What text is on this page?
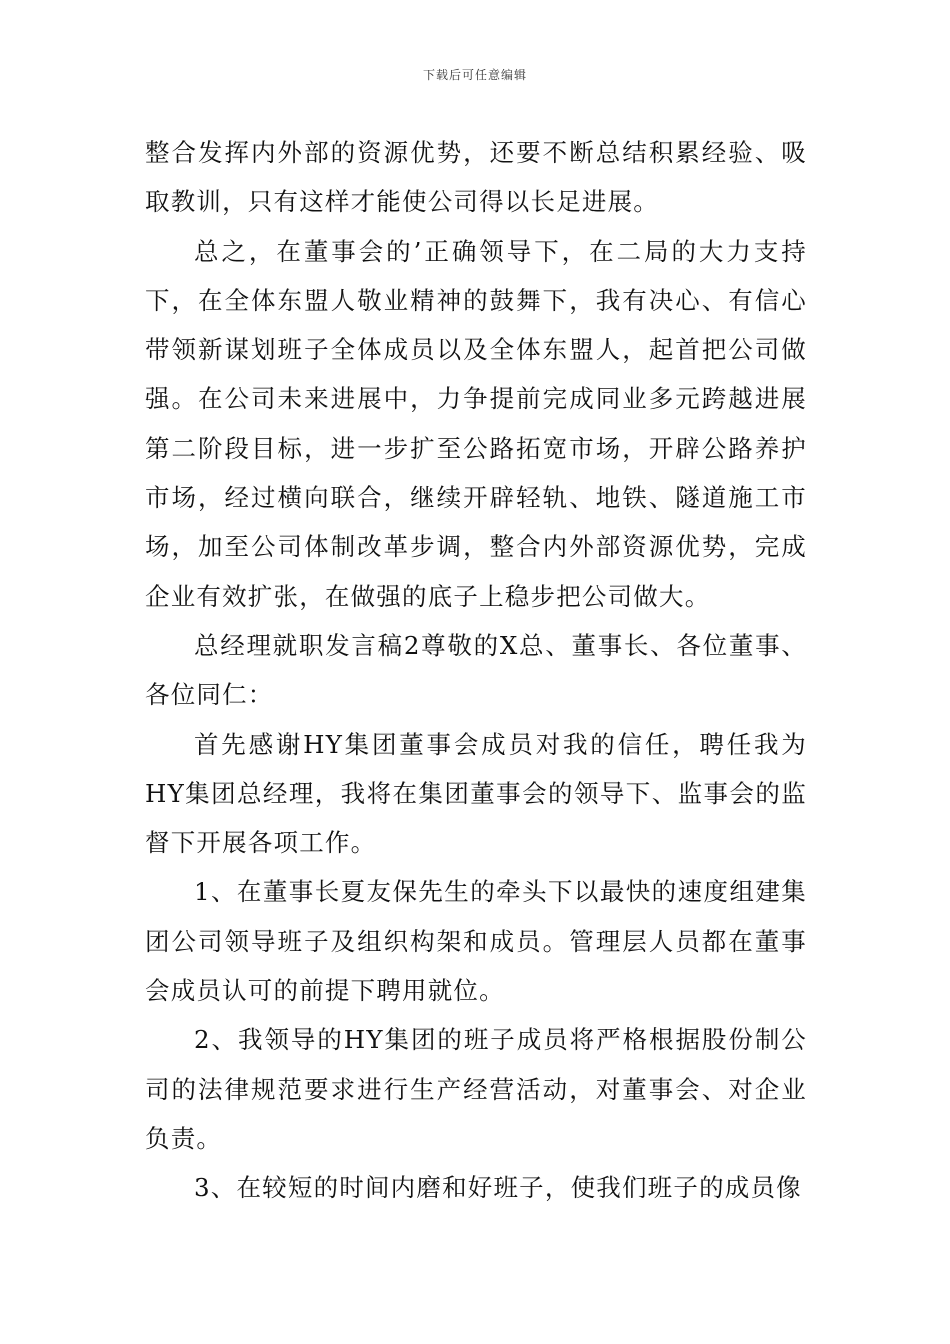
下载后可任意编辑

整合发挥内外部的资源优势，还要不断总结积累经验、吸取教训，只有这样才能使公司得以长足进展。

总之，在董事会的’正确领导下，在二局的大力支持下，在全体东盟人敬业精神的鼓舞下，我有决心、有信心带领新谋划班子全体成员以及全体东盟人，起首把公司做强。在公司未来进展中，力争提前完成同业多元跨越进展第二阶段目标，进一步扩至公路拓宽市场，开辟公路养护市场，经过横向联合，继续开辟轻轨、地铁、隧道施工市场，加至公司体制改革步调，整合内外部资源优势，完成企业有效扩张，在做强的底子上稳步把公司做大。

总经理就职发言稿2尊敬的X总、董事长、各位董事、各位同仁：

首先感谢HY集团董事会成员对我的信任，聘任我为HY集团总经理，我将在集团董事会的领导下、监事会的监督下开展各项工作。

1、在董事长夏友保先生的牵头下以最快的速度组建集团公司领导班子及组织构架和成员。管理层人员都在董事会成员认可的前提下聘用就位。

2、我领导的HY集团的班子成员将严格根据股份制公司的法律规范要求进行生产经营活动，对董事会、对企业负责。

3、在较短的时间内磨和好班子，使我们班子的成员像
